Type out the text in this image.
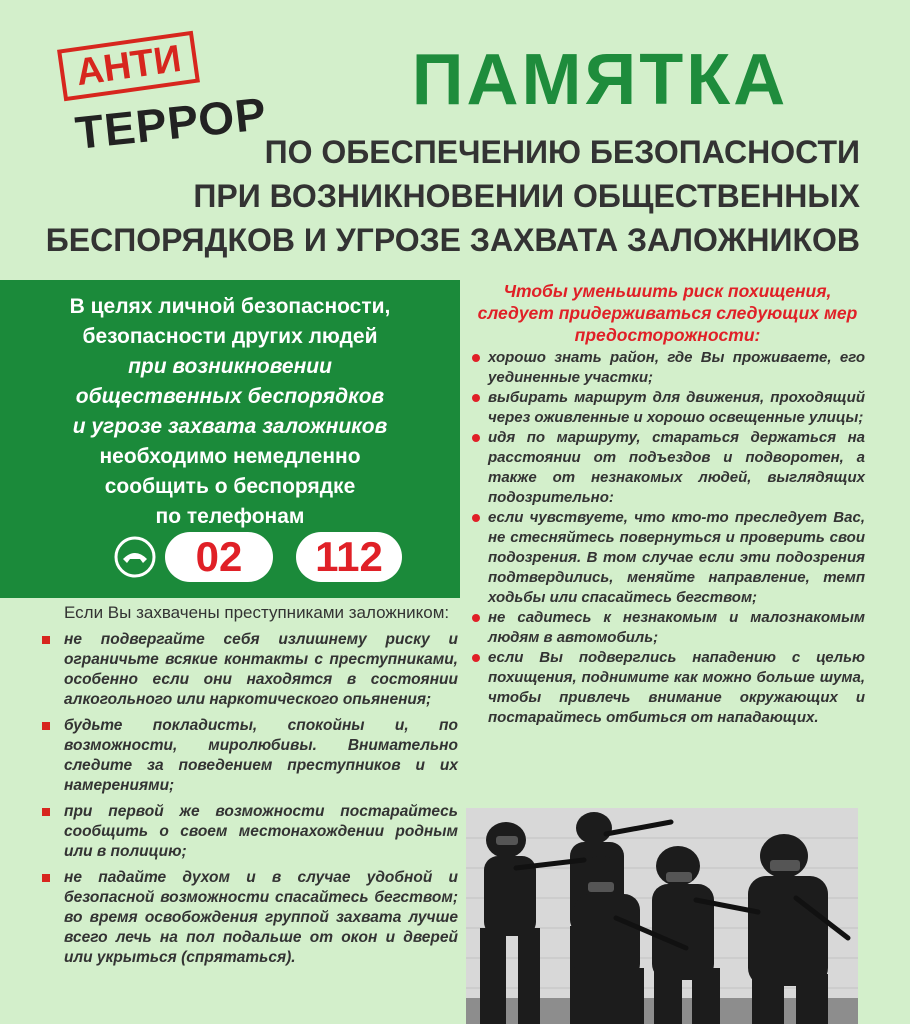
АНТИ
ТЕРРОР
ПАМЯТКА
ПО ОБЕСПЕЧЕНИЮ БЕЗОПАСНОСТИ
ПРИ ВОЗНИКНОВЕНИИ ОБЩЕСТВЕННЫХ
БЕСПОРЯДКОВ И УГРОЗЕ ЗАХВАТА ЗАЛОЖНИКОВ
В целях личной безопасности,
безопасности других людей
при возникновении
общественных беспорядков
и угрозе захвата заложников
необходимо немедленно
сообщить о беспорядке
по телефонам
02	112
Если Вы захвачены преступниками заложником:
не подвергайте себя излишнему риску и ограничьте всякие контакты с преступниками, особенно если они находятся в состоянии алкогольного или наркотического опьянения;
будьте покладисты, спокойны и, по возможности, миролюбивы. Внимательно следите за поведением преступников и их намерениями;
при первой же возможности постарайтесь сообщить о своем местонахождении родным или в полицию;
не падайте духом и в случае удобной и безопасной возможности спасайтесь бегством; во время освобождения группой захвата лучше всего лечь на пол подальше от окон и дверей или укрыться (спрятаться).
Чтобы уменьшить риск похищения, следует придерживаться следующих мер предосторожности:
хорошо знать район, где Вы проживаете, его уединенные участки;
выбирать маршрут для движения, проходящий через оживленные и хорошо освещенные улицы;
идя по маршруту, стараться держаться на расстоянии от подъездов и подворотен, а также от незнакомых людей, выглядящих подозрительно:
если чувствуете, что кто-то преследует Вас, не стесняйтесь повернуться и проверить свои подозрения. В том случае если эти подозрения подтвердились, меняйте направление, темп ходьбы или спасайтесь бегством;
не садитесь к незнакомым и малознакомым людям в автомобиль;
если Вы подверглись нападению с целью похищения, поднимите как можно больше шума, чтобы привлечь внимание окружающих и постарайтесь отбиться от нападающих.
